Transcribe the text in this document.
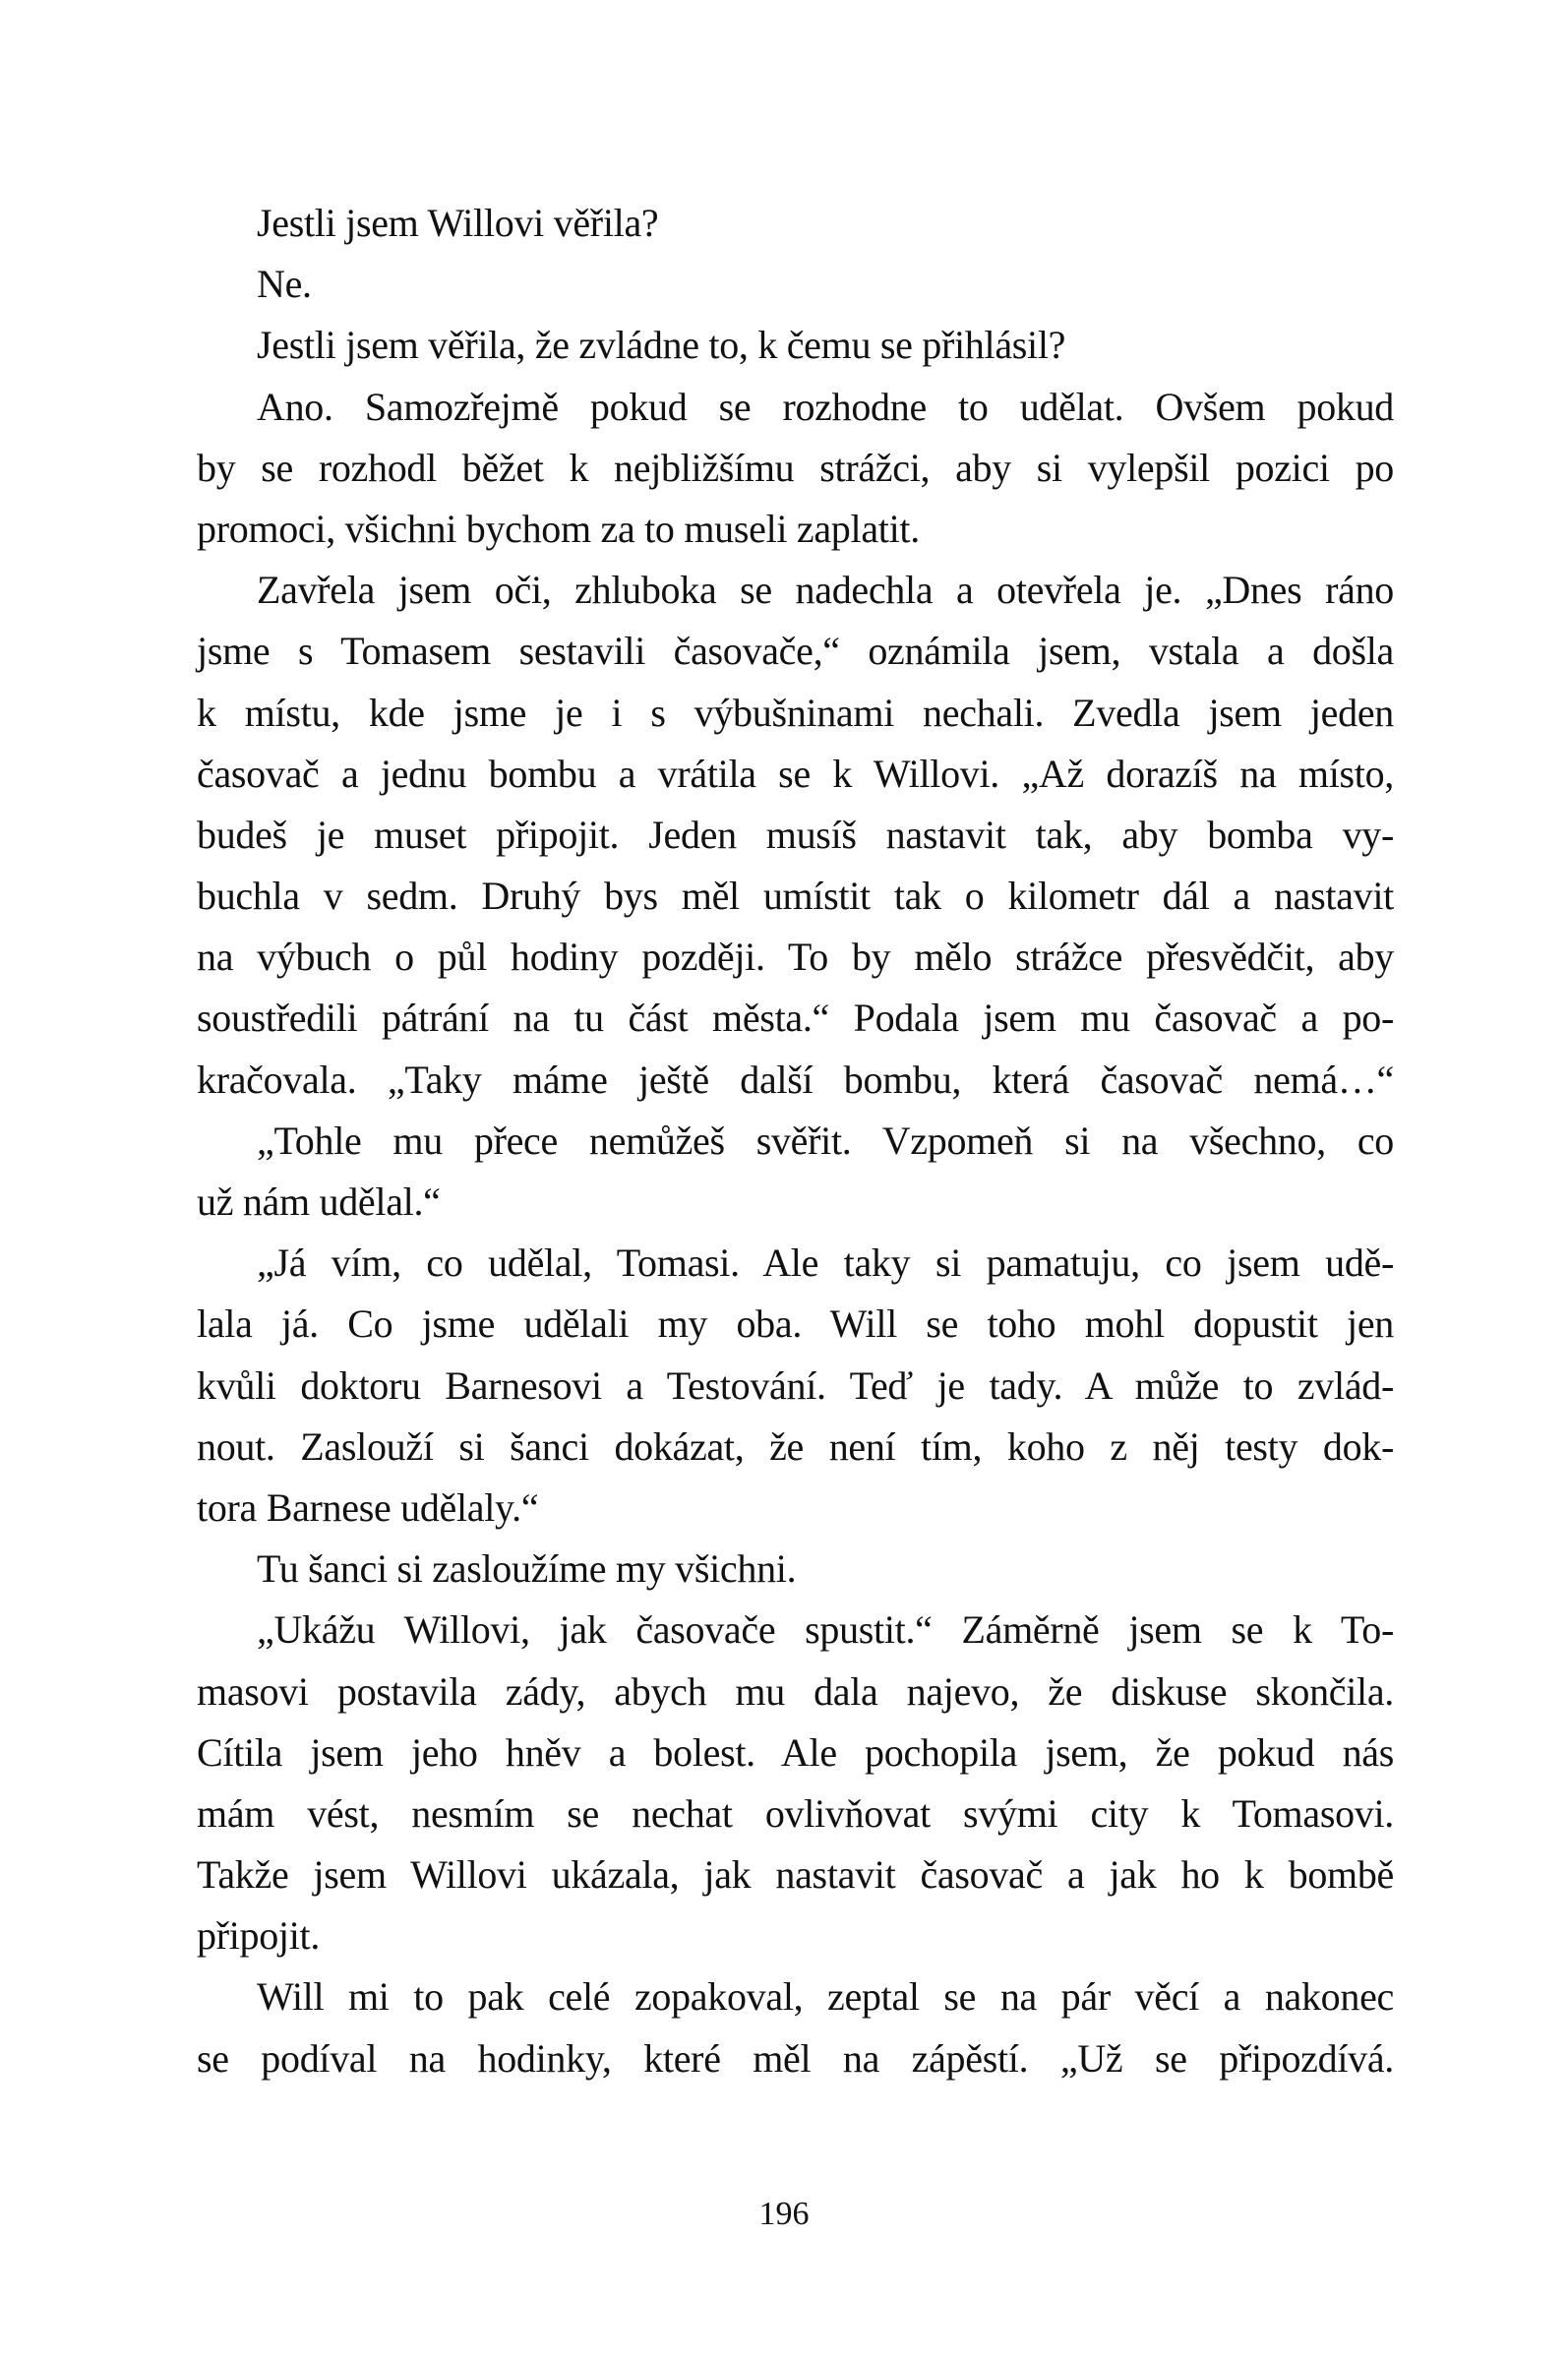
Jestli jsem Willovi věřila?
Ne.
Jestli jsem věřila, že zvládne to, k čemu se přihlásil?
Ano. Samozřejmě pokud se rozhodne to udělat. Ovšem pokud
by se rozhodl běžet k nejbližšímu strážci, aby si vylepšil pozici po
promoci, všichni bychom za to museli zaplatit.
Zavřela jsem oči, zhluboka se nadechla a otevřela je. „Dnes ráno
jsme s Tomasem sestavili časovače,“ oznámila jsem, vstala a došla
k místu, kde jsme je i s výbušninami nechali. Zvedla jsem jeden
časovač a jednu bombu a vrátila se k Willovi. „Až dorazíš na místo,
budeš je muset připojit. Jeden musíš nastavit tak, aby bomba vy-
buchla v sedm. Druhý bys měl umístit tak o kilometr dál a nastavit
na výbuch o půl hodiny později. To by mělo strážce přesvědčit, aby
soustředili pátrání na tu část města.“ Podala jsem mu časovač a po-
kračovala. „Taky máme ještě další bombu, která časovač nemá…“
„Tohle mu přece nemůžeš svěřit. Vzpomeň si na všechno, co
už nám udělal.“
„Já vím, co udělal, Tomasi. Ale taky si pamatuju, co jsem udě-
lala já. Co jsme udělali my oba. Will se toho mohl dopustit jen
kvůli doktoru Barnesovi a Testování. Teď je tady. A může to zvlád-
nout. Zaslouží si šanci dokázat, že není tím, koho z něj testy dok-
tora Barnese udělaly.“
Tu šanci si zasloužíme my všichni.
„Ukážu Willovi, jak časovače spustit.“ Záměrně jsem se k To-
masovi postavila zády, abych mu dala najevo, že diskuse skončila.
Cítila jsem jeho hněv a bolest. Ale pochopila jsem, že pokud nás
mám vést, nesmím se nechat ovlivňovat svými city k Tomasovi.
Takže jsem Willovi ukázala, jak nastavit časovač a jak ho k bombě
připojit.
Will mi to pak celé zopakoval, zeptal se na pár věcí a nakonec
se podíval na hodinky, které měl na zápěstí. „Už se připozdívá.
196
